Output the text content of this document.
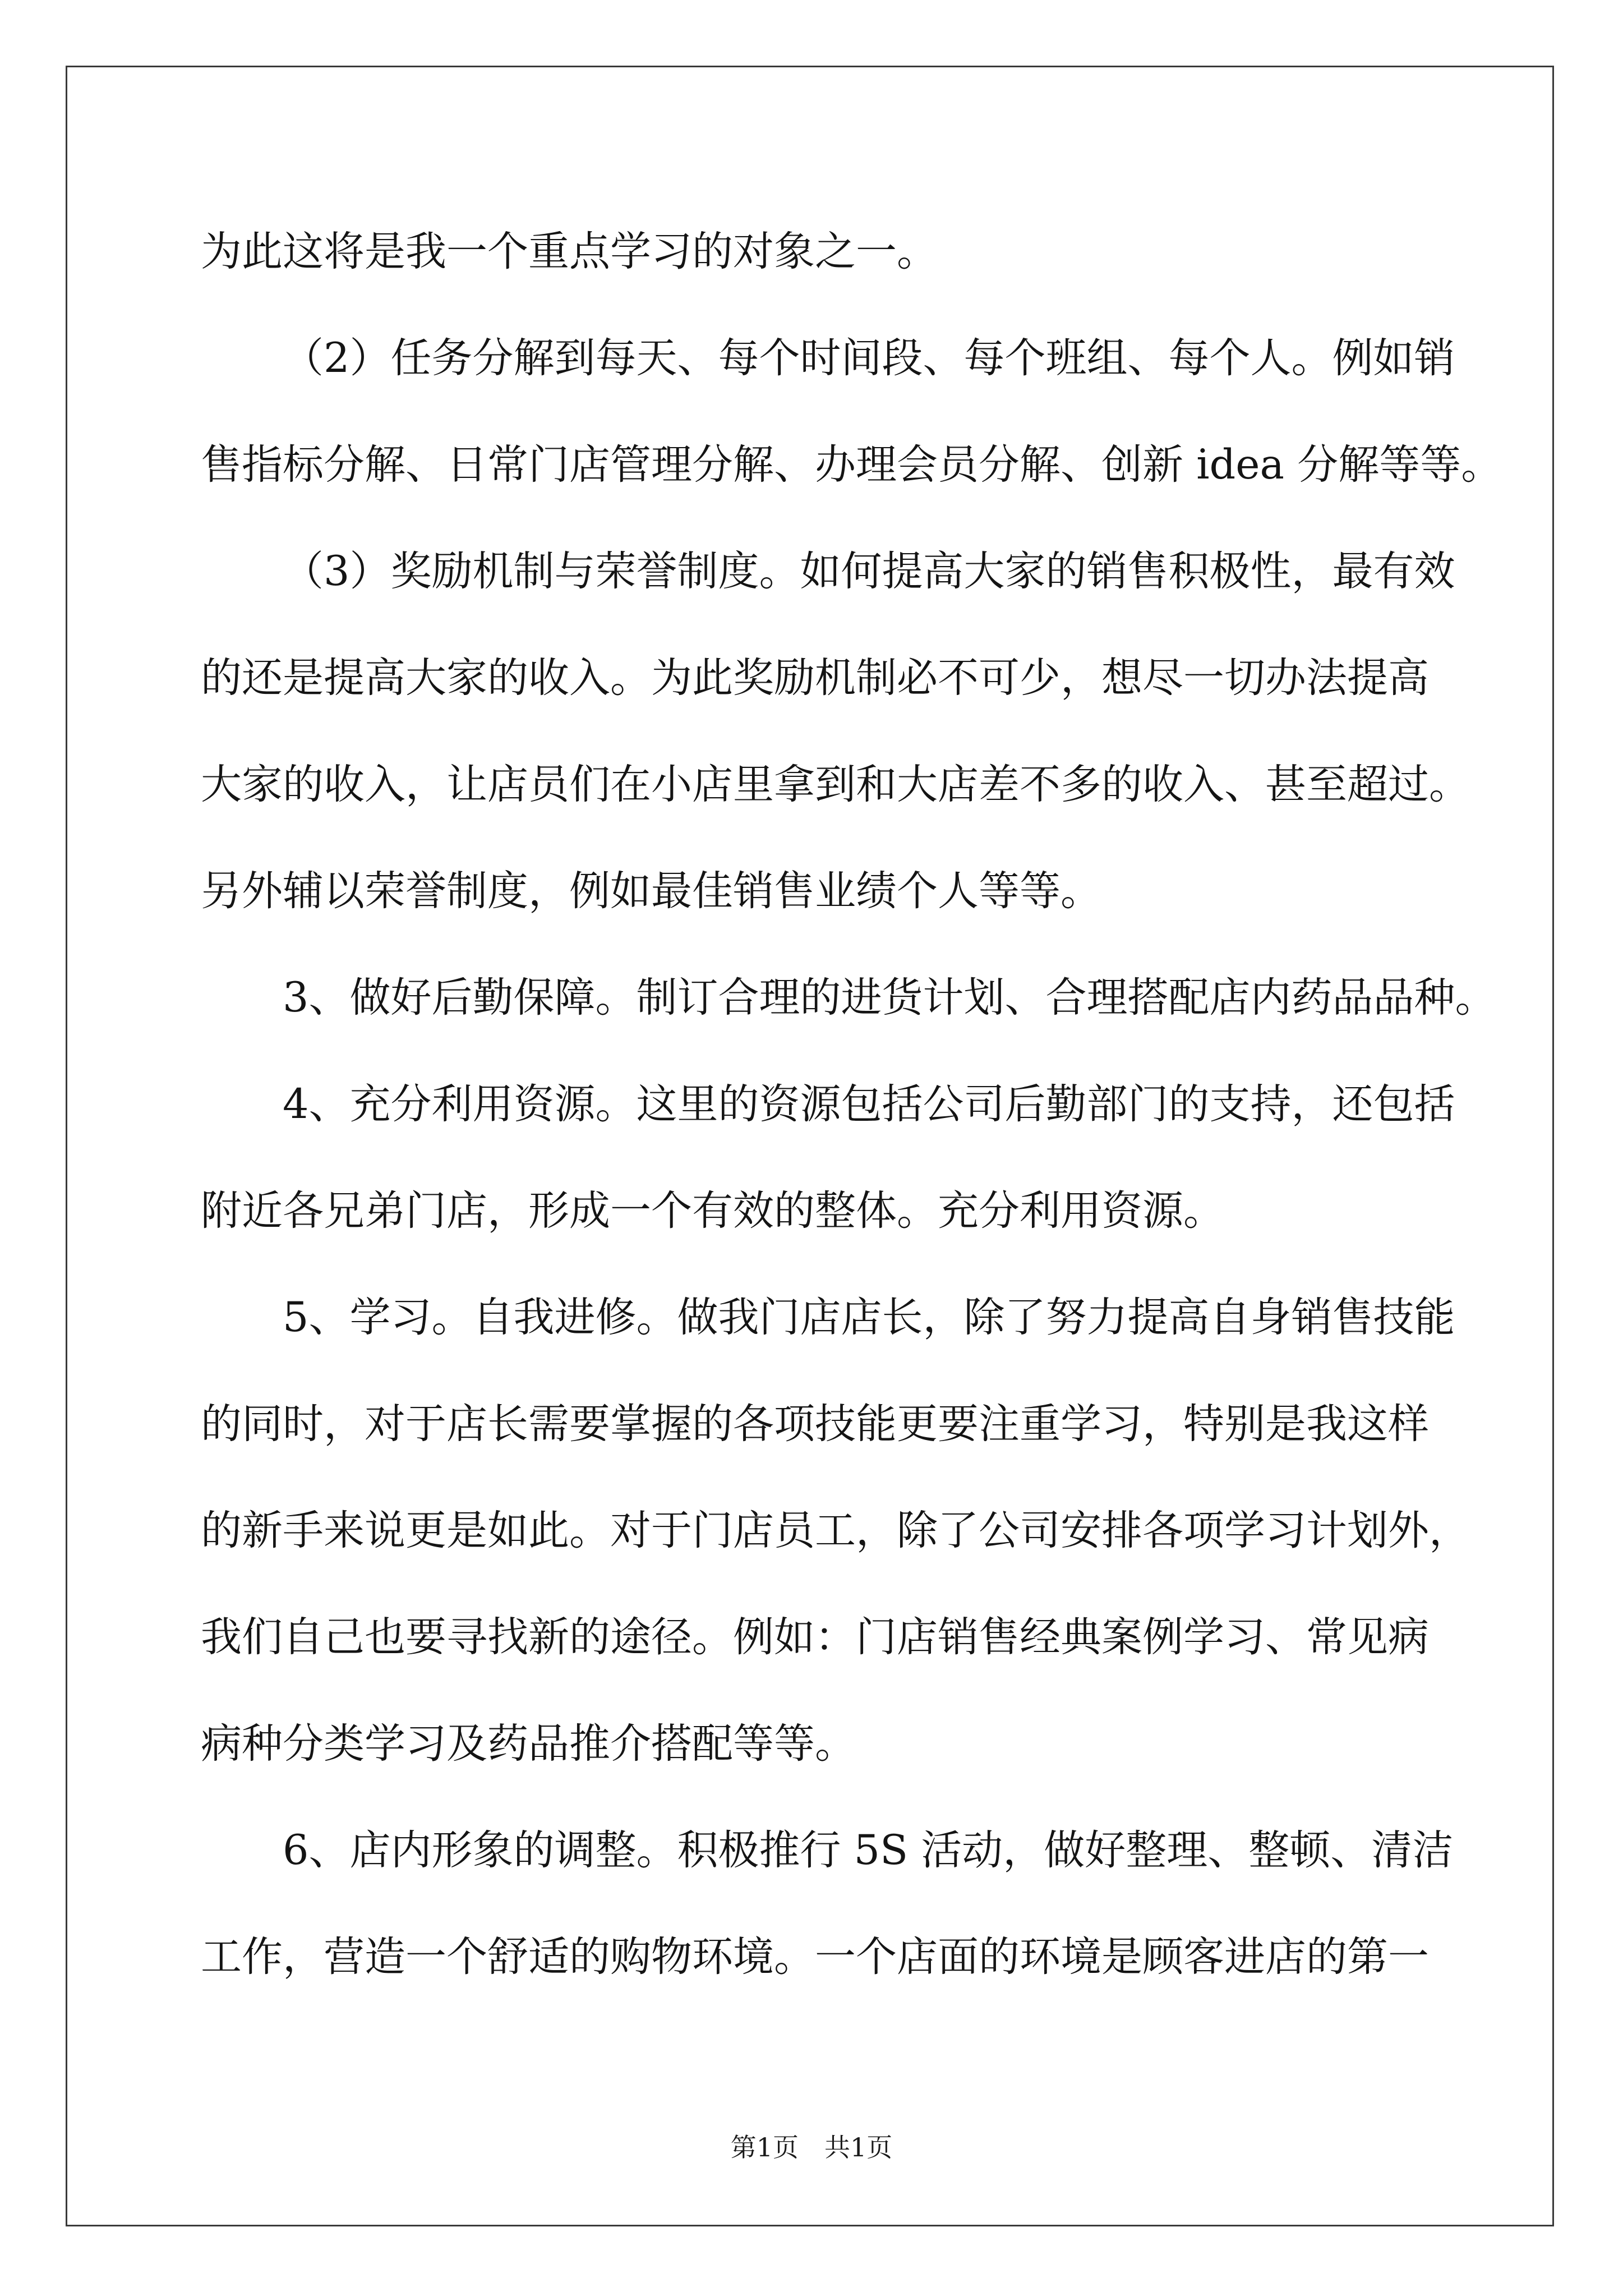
为此这将是我一个重点学习的对象之一。

（2）任务分解到每天、每个时间段、每个班组、每个人。例如销

售指标分解、日常门店管理分解、办理会员分解、创新 idea 分解等等。

（3）奖励机制与荣誉制度。如何提高大家的销售积极性，最有效

的还是提高大家的收入。为此奖励机制必不可少，想尽一切办法提高

大家的收入，让店员们在小店里拿到和大店差不多的收入、甚至超过。

另外辅以荣誉制度，例如最佳销售业绩个人等等。

3、做好后勤保障。制订合理的进货计划、合理搭配店内药品品种。

4、充分利用资源。这里的资源包括公司后勤部门的支持，还包括

附近各兄弟门店，形成一个有效的整体。充分利用资源。

5、学习。自我进修。做我门店店长，除了努力提高自身销售技能

的同时，对于店长需要掌握的各项技能更要注重学习，特别是我这样

的新手来说更是如此。对于门店员工，除了公司安排各项学习计划外，

我们自己也要寻找新的途径。例如：门店销售经典案例学习、常见病

病种分类学习及药品推介搭配等等。

6、店内形象的调整。积极推行 5S 活动，做好整理、整顿、清洁

工作，营造一个舒适的购物环境。一个店面的环境是顾客进店的第一

第1页　共1页
